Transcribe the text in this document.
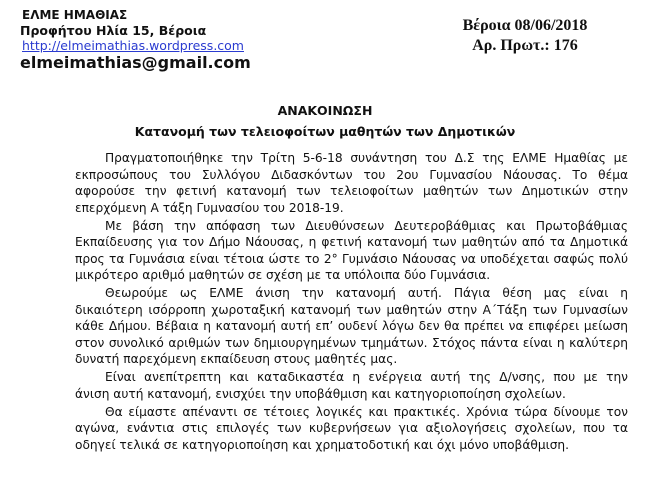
ΕΛΜΕ ΗΜΑΘΙΑΣ
Προφήτου Ηλία 15, Βέροια
http://elmeimathias.wordpress.com
elmeimathias@gmail.com
Βέροια 08/06/2018
Αρ. Πρωτ.: 176
ΑΝΑΚΟΙΝΩΣΗ
Κατανομή των τελειοφοίτων μαθητών των Δημοτικών
Πραγματοποιήθηκε την Τρίτη 5-6-18 συνάντηση του Δ.Σ της ΕΛΜΕ Ημαθίας με
εκπροσώπους του Συλλόγου Διδασκόντων του 2ου Γυμνασίου Νάουσας. Το θέμα
αφορούσε την φετινή κατανομή των τελειοφοίτων μαθητών των Δημοτικών στην
επερχόμενη Α τάξη Γυμνασίου του 2018-19.
Με βάση την απόφαση των Διευθύνσεων Δευτεροβάθμιας και Πρωτοβάθμιας
Εκπαίδευσης για τον Δήμο Νάουσας, η φετινή κατανομή των μαθητών από τα Δημοτικά
προς τα Γυμνάσια είναι τέτοια ώστε το 2° Γυμνάσιο Νάουσας να υποδέχεται σαφώς πολύ
μικρότερο αριθμό μαθητών σε σχέση με τα υπόλοιπα δύο Γυμνάσια.
Θεωρούμε ως ΕΛΜΕ άνιση την κατανομή αυτή. Πάγια θέση μας είναι η
δικαιότερη ισόρροπη χωροταξική κατανομή των μαθητών στην Α΄Τάξη των Γυμνασίων
κάθε Δήμου. Βέβαια η κατανομή αυτή επ’ ουδενί λόγω δεν θα πρέπει να επιφέρει μείωση
στον συνολικό αριθμών των δημιουργημένων τμημάτων. Στόχος πάντα είναι η καλύτερη
δυνατή παρεχόμενη εκπαίδευση στους μαθητές μας.
Είναι ανεπίτρεπτη και καταδικαστέα η ενέργεια αυτή της Δ/νσης, που με την
άνιση αυτή κατανομή, ενισχύει την υποβάθμιση και κατηγοριοποίηση σχολείων.
Θα είμαστε απέναντι σε τέτοιες λογικές και πρακτικές. Χρόνια τώρα δίνουμε τον
αγώνα, ενάντια στις επιλογές των κυβερνήσεων για αξιολογήσεις σχολείων, που τα
οδηγεί τελικά σε κατηγοριοποίηση και χρηματοδοτική και όχι μόνο υποβάθμιση.
